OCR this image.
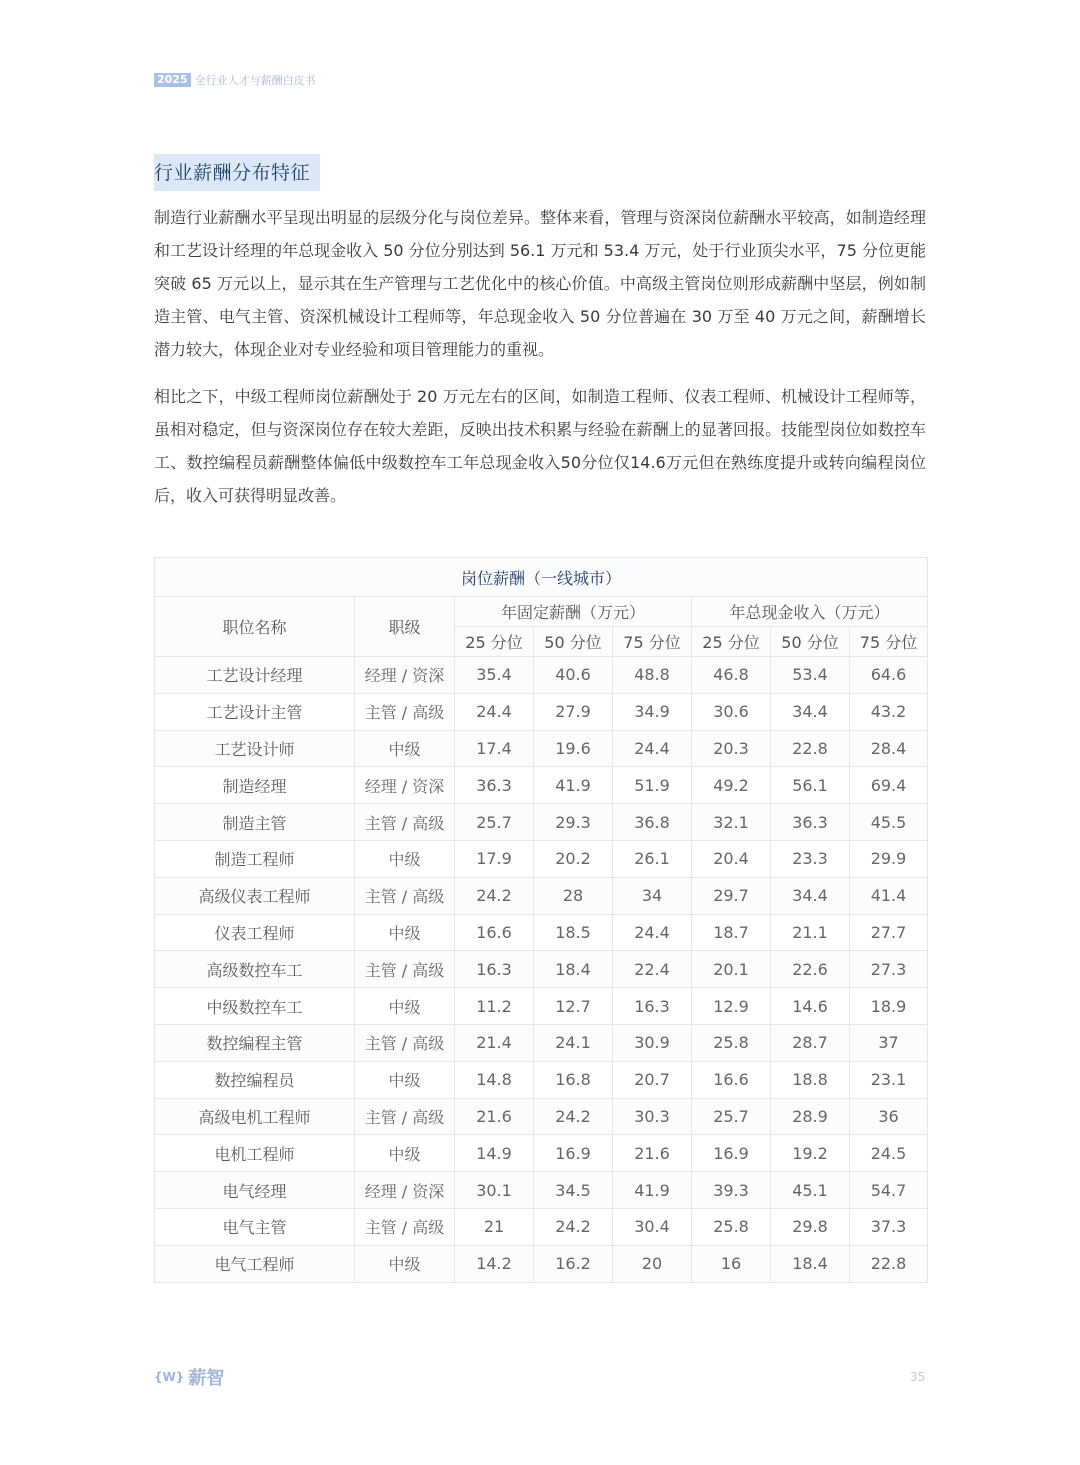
2025 全行业人才与薪酬白皮书
行业薪酬分布特征

制造行业薪酬水平呈现出明显的层级分化与岗位差异。整体来看，管理与资深岗位薪酬水平较高，如制造经理和工艺设计经理的年总现金收入 50 分位分别达到 56.1 万元和 53.4 万元，处于行业顶尖水平，75 分位更能突破 65 万元以上，显示其在生产管理与工艺优化中的核心价值。中高级主管岗位则形成薪酬中坚层，例如制造主管、电气主管、资深机械设计工程师等，年总现金收入 50 分位普遍在 30 万至 40 万元之间，薪酬增长潜力较大，体现企业对专业经验和项目管理能力的重视。

相比之下，中级工程师岗位薪酬处于 20 万元左右的区间，如制造工程师、仪表工程师、机械设计工程师等，虽相对稳定，但与资深岗位存在较大差距，反映出技术积累与经验在薪酬上的显著回报。技能型岗位如数控车工、数控编程员薪酬整体偏低中级数控车工年总现金收入50分位仅14.6万元但在熟练度提升或转向编程岗位后，收入可获得明显改善。

岗位薪酬（一线城市）							
职位名称	职级	年固定薪酬（万元）			年总现金收入（万元）		
		25 分位	50 分位	75 分位	25 分位	50 分位	75 分位
工艺设计经理	经理 / 资深	35.4	40.6	48.8	46.8	53.4	64.6
工艺设计主管	主管 / 高级	24.4	27.9	34.9	30.6	34.4	43.2
工艺设计师	中级	17.4	19.6	24.4	20.3	22.8	28.4
制造经理	经理 / 资深	36.3	41.9	51.9	49.2	56.1	69.4
制造主管	主管 / 高级	25.7	29.3	36.8	32.1	36.3	45.5
制造工程师	中级	17.9	20.2	26.1	20.4	23.3	29.9
高级仪表工程师	主管 / 高级	24.2	28	34	29.7	34.4	41.4
仪表工程师	中级	16.6	18.5	24.4	18.7	21.1	27.7
高级数控车工	主管 / 高级	16.3	18.4	22.4	20.1	22.6	27.3
中级数控车工	中级	11.2	12.7	16.3	12.9	14.6	18.9
数控编程主管	主管 / 高级	21.4	24.1	30.9	25.8	28.7	37
数控编程员	中级	14.8	16.8	20.7	16.6	18.8	23.1
高级电机工程师	主管 / 高级	21.6	24.2	30.3	25.7	28.9	36
电机工程师	中级	14.9	16.9	21.6	16.9	19.2	24.5
电气经理	经理 / 资深	30.1	34.5	41.9	39.3	45.1	54.7
电气主管	主管 / 高级	21	24.2	30.4	25.8	29.8	37.3
电气工程师	中级	14.2	16.2	20	16	18.4	22.8
{W} 薪智	35
